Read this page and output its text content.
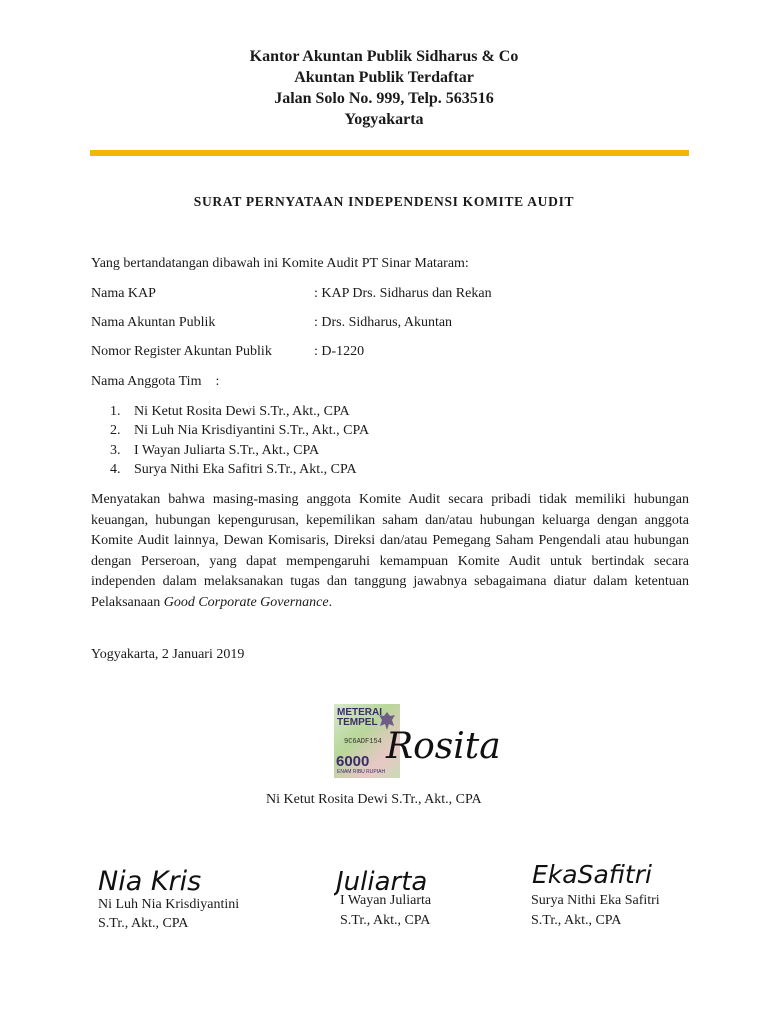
Kantor Akuntan Publik Sidharus & Co
Akuntan Publik Terdaftar
Jalan Solo No. 999, Telp. 563516
Yogyakarta
SURAT PERNYATAAN INDEPENDENSI KOMITE AUDIT
Yang bertandatangan dibawah ini Komite Audit PT Sinar Mataram:
Nama KAP	: KAP Drs. Sidharus dan Rekan
Nama Akuntan Publik	: Drs. Sidharus, Akuntan
Nomor Register Akuntan Publik	: D-1220
Nama Anggota Tim    :
1. Ni Ketut Rosita Dewi S.Tr., Akt., CPA
2. Ni Luh Nia Krisdiyantini S.Tr., Akt., CPA
3. I Wayan Juliarta S.Tr., Akt., CPA
4. Surya Nithi Eka Safitri S.Tr., Akt., CPA
Menyatakan bahwa masing-masing anggota Komite Audit secara pribadi tidak memiliki hubungan keuangan, hubungan kepengurusan, kepemilikan saham dan/atau hubungan keluarga dengan anggota Komite Audit lainnya, Dewan Komisaris, Direksi dan/atau Pemegang Saham Pengendali atau hubungan dengan Perseroan, yang dapat mempengaruhi kemampuan Komite Audit untuk bertindak secara independen dalam melaksanakan tugas dan tanggung jawabnya sebagaimana diatur dalam ketentuan Pelaksanaan Good Corporate Governance.
Yogyakarta, 2 Januari 2019
METERAI TEMPEL
9C6ADF154
6000
ENAM RIBU RUPIAH
Rosita
Ni Ketut Rosita Dewi S.Tr., Akt., CPA
Nia Kris
Ni Luh Nia Krisdiyantini
S.Tr., Akt., CPA
Juliarta
I Wayan Juliarta
S.Tr., Akt., CPA
EkaSafitri
Surya Nithi Eka Safitri
S.Tr., Akt., CPA
